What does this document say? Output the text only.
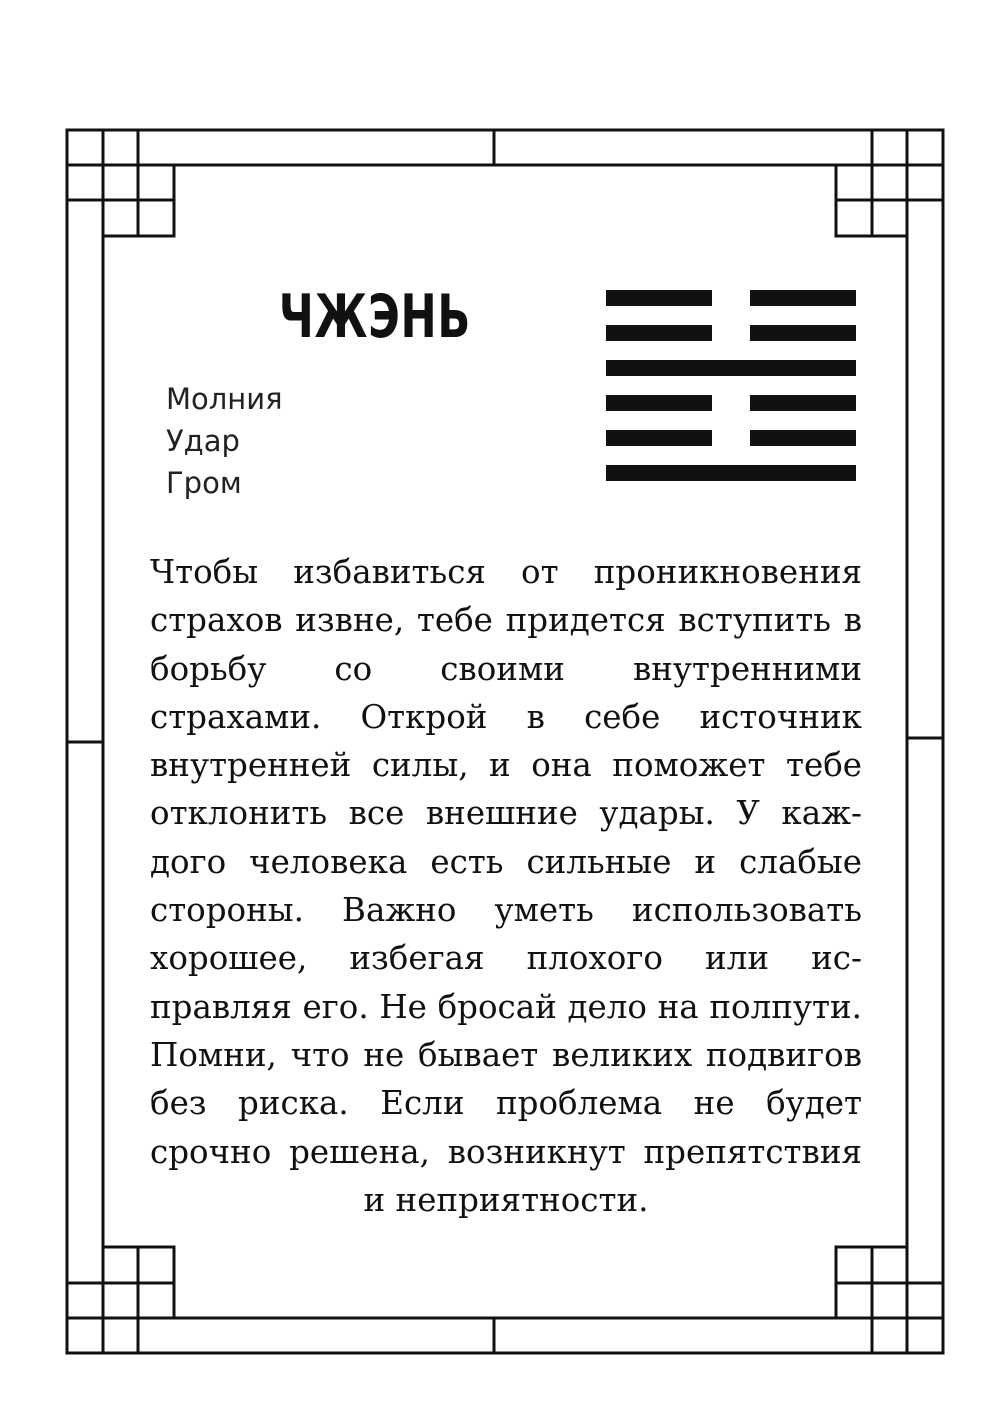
ЧЖЭНЬ
Молния
Удар
Гром

Чтобы избавиться от проникновения страхов извне, тебе придется вступить в борьбу со своими внутренними страхами. Открой в себе источник внутренней силы, и она поможет тебе отклонить все внешние удары. У каждого человека есть сильные и слабые стороны. Важно уметь использовать хорошее, избегая плохого или исправляя его. Не бросай дело на полпути. Помни, что не бывает великих подвигов без риска. Если проблема не будет срочно решена, возникнут препятствия и неприятности.
